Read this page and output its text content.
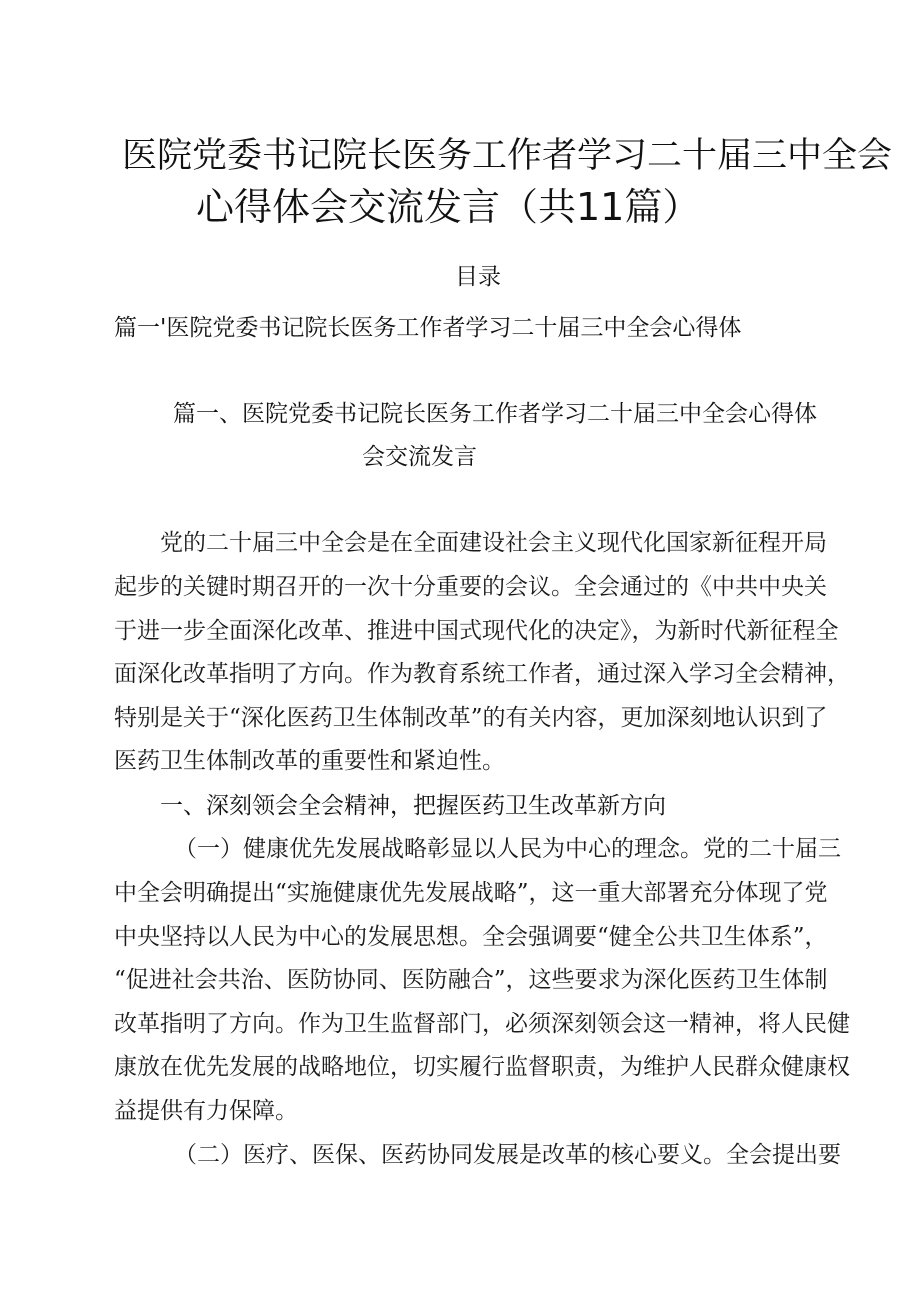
医院党委书记院长医务工作者学习二十届三中全会

心得体会交流发言（共11篇）

目录

篇一'医院党委书记院长医务工作者学习二十届三中全会心得体

篇一、医院党委书记院长医务工作者学习二十届三中全会心得体

会交流发言

党的二十届三中全会是在全面建设社会主义现代化国家新征程开局

起步的关键时期召开的一次十分重要的会议。全会通过的《中共中央关

于进一步全面深化改革、推进中国式现代化的决定》，为新时代新征程全

面深化改革指明了方向。作为教育系统工作者，通过深入学习全会精神，

特别是关于“深化医药卫生体制改革”的有关内容，更加深刻地认识到了

医药卫生体制改革的重要性和紧迫性。

一、深刻领会全会精神，把握医药卫生改革新方向

（一）健康优先发展战略彰显以人民为中心的理念。党的二十届三

中全会明确提出“实施健康优先发展战略”，这一重大部署充分体现了党

中央坚持以人民为中心的发展思想。全会强调要“健全公共卫生体系”，

“促进社会共治、医防协同、医防融合”，这些要求为深化医药卫生体制

改革指明了方向。作为卫生监督部门，必须深刻领会这一精神，将人民健

康放在优先发展的战略地位，切实履行监督职责，为维护人民群众健康权

益提供有力保障。

（二）医疗、医保、医药协同发展是改革的核心要义。全会提出要
